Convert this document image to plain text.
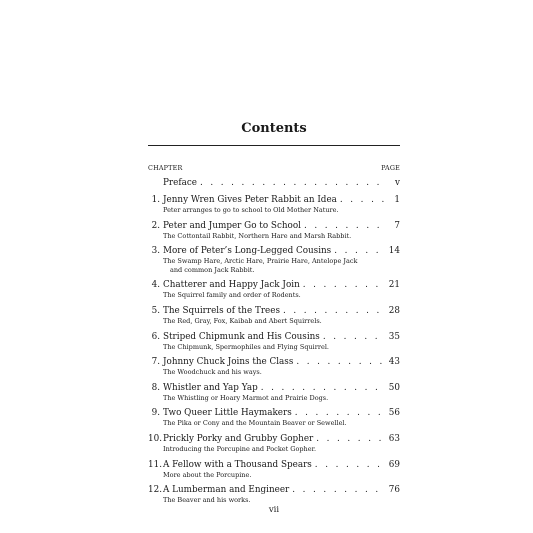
Contents
CHAPTER	PAGE
Preface . . .	v
1. Jenny Wren Gives Peter Rabbit an Idea . . .	1
Peter arranges to go to school to Old Mother Nature.
2. Peter and Jumper Go to School . . .	7
The Cottontail Rabbit, Northern Hare and Marsh Rabbit.
3. More of Peter’s Long-Legged Cousins . . .	14
The Swamp Hare, Arctic Hare, Prairie Hare, Antelope Jack
and common Jack Rabbit.
4. Chatterer and Happy Jack Join . . .	21
The Squirrel family and order of Rodents.
5. The Squirrels of the Trees . . .	28
The Red, Gray, Fox, Kaibab and Abert Squirrels.
6. Striped Chipmunk and His Cousins . . .	35
The Chipmunk, Spermophiles and Flying Squirrel.
7. Johnny Chuck Joins the Class . . .	43
The Woodchuck and his ways.
8. Whistler and Yap Yap . . .	50
The Whistling or Hoary Marmot and Prairie Dogs.
9. Two Queer Little Haymakers . . .	56
The Pika or Cony and the Mountain Beaver or Sewellel.
10. Prickly Porky and Grubby Gopher . . .	63
Introducing the Porcupine and Pocket Gopher.
11. A Fellow with a Thousand Spears . . .	69
More about the Porcupine.
12. A Lumberman and Engineer . . .	76
The Beaver and his works.
vii
